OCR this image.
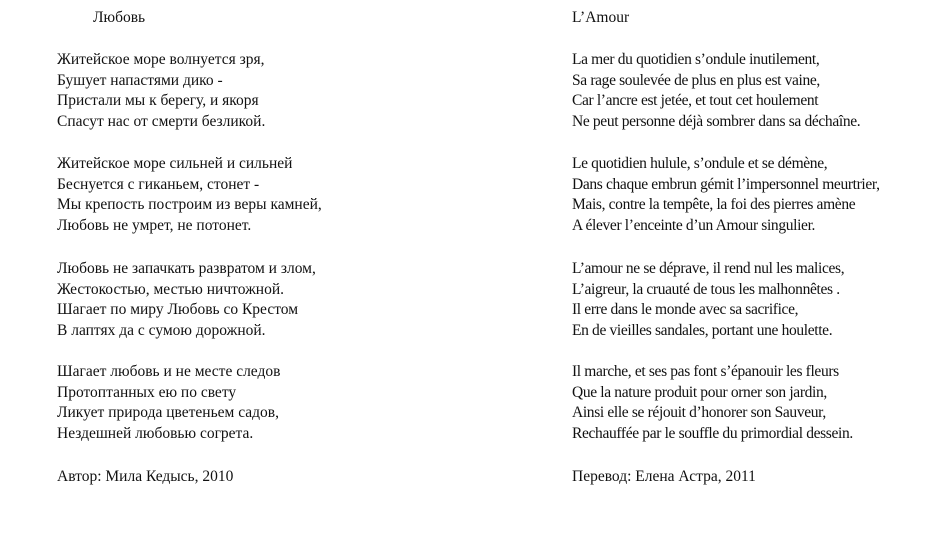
Любовь
Житейское море волнуется зря,
Бушует напастями дико -
Пристали мы к берегу, и якоря
Спасут нас от смерти безликой.
Житейское море сильней и сильней
Беснуется с гиканьем, стонет -
Мы крепость построим из веры камней,
Любовь не умрет, не потонет.
Любовь не запачкать развратом и злом,
Жестокостью, местью ничтожной.
Шагает по миру Любовь со Крестом
В лаптях да с сумою дорожной.
Шагает любовь и не месте следов
Протоптанных ею по свету
Ликует природа цветеньем садов,
Нездешней любовью согрета.
Автор: Мила Кедысь, 2010
L’Amour
La mer du quotidien s’ondule inutilement,
Sa rage soulevée de plus en plus est vaine,
Car l’ancre est jetée, et tout cet houlement
Ne peut personne déjà sombrer dans sa déchaîne.
Le quotidien hulule, s’ondule et se démène,
Dans chaque embrun gémit l’impersonnel meurtrier,
Mais, contre la tempête, la foi des pierres amène
A élever l’enceinte d’un Amour singulier.
L’amour ne se déprave, il rend nul les malices,
L’aigreur, la cruauté de tous les malhonnêtes .
Il erre dans le monde avec sa sacrifice,
En de vieilles sandales, portant une houlette.
Il marche, et ses pas font s’épanouir les fleurs
Que la nature produit pour orner son jardin,
Ainsi elle se réjouit d’honorer son Sauveur,
Rechauffée par le souffle du primordial dessein.
Перевод: Елена Астра, 2011
